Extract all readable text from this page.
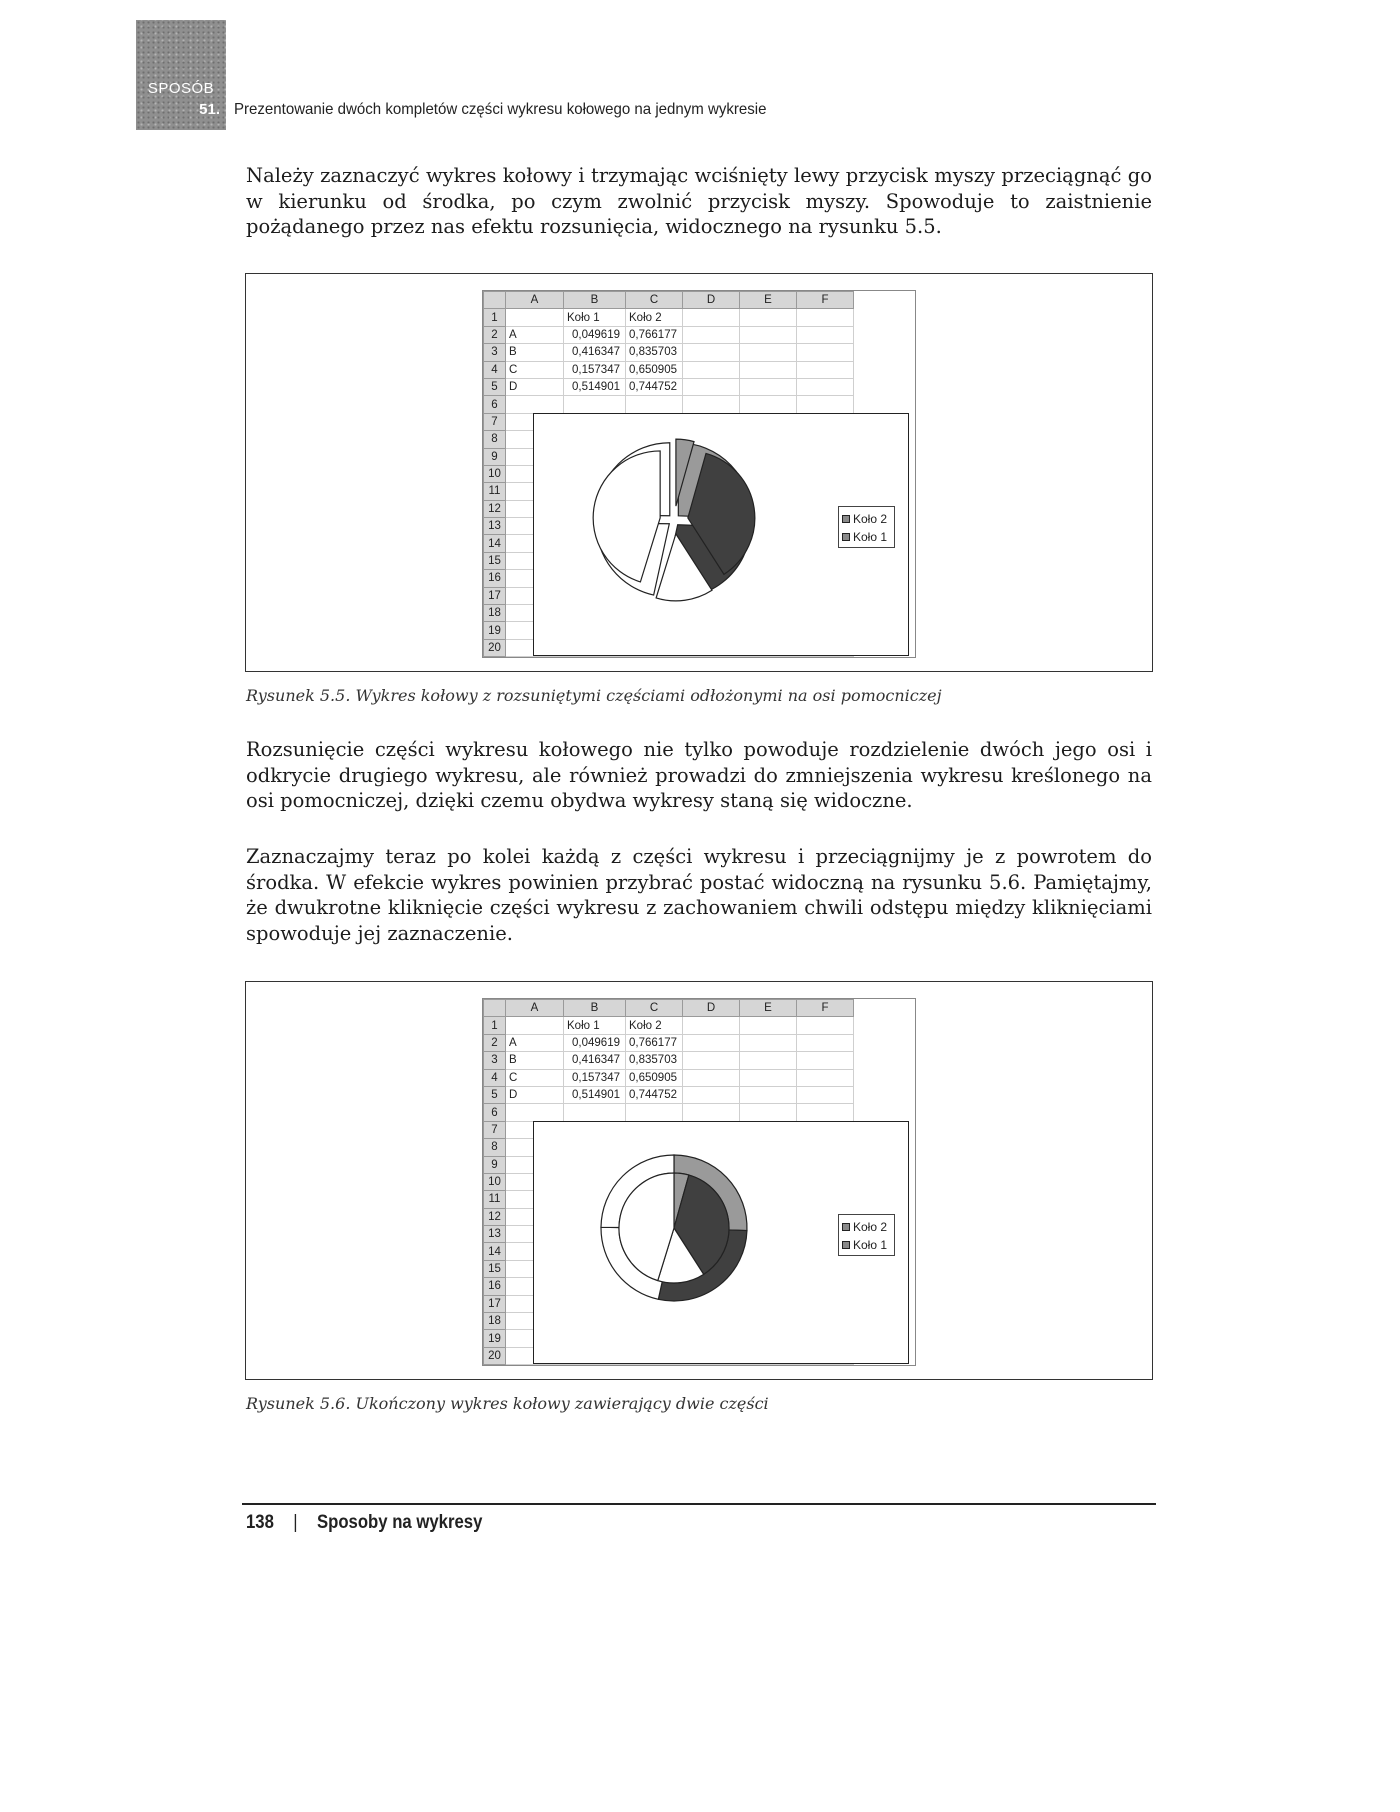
SPOSÓB
51. Prezentowanie dwóch kompletów części wykresu kołowego na jednym wykresie

Należy zaznaczyć wykres kołowy i trzymając wciśnięty lewy przycisk myszy przeciągnąć go w kierunku od środka, po czym zwolnić przycisk myszy. Spowoduje to zaistnienie pożądanego przez nas efektu rozsunięcia, widocznego na rysunku 5.5.

	A	B	C	D	E	F
1		Koło 1	Koło 2			
2	A	0,049619	0,766177			
3	B	0,416347	0,835703			
4	C	0,157347	0,650905			
5	D	0,514901	0,744752			
6						
7						
8						
9						
10						
11						
12						
13						
14						
15						
16						
17						
18						
19						
20						
Koło 2
Koło 1
Rysunek 5.5. Wykres kołowy z rozsuniętymi częściami odłożonymi na osi pomocniczej

Rozsunięcie części wykresu kołowego nie tylko powoduje rozdzielenie dwóch jego osi i odkrycie drugiego wykresu, ale również prowadzi do zmniejszenia wykresu kreślonego na osi pomocniczej, dzięki czemu obydwa wykresy staną się widoczne.

Zaznaczajmy teraz po kolei każdą z części wykresu i przeciągnijmy je z powrotem do środka. W efekcie wykres powinien przybrać postać widoczną na rysunku 5.6. Pamiętajmy, że dwukrotne kliknięcie części wykresu z zachowaniem chwili odstępu między kliknięciami spowoduje jej zaznaczenie.

	A	B	C	D	E	F
1		Koło 1	Koło 2			
2	A	0,049619	0,766177			
3	B	0,416347	0,835703			
4	C	0,157347	0,650905			
5	D	0,514901	0,744752			
6						
7						
8						
9						
10						
11						
12						
13						
14						
15						
16						
17						
18						
19						
20						
Koło 2
Koło 1
Rysunek 5.6. Ukończony wykres kołowy zawierający dwie części
138 | Sposoby na wykresy
